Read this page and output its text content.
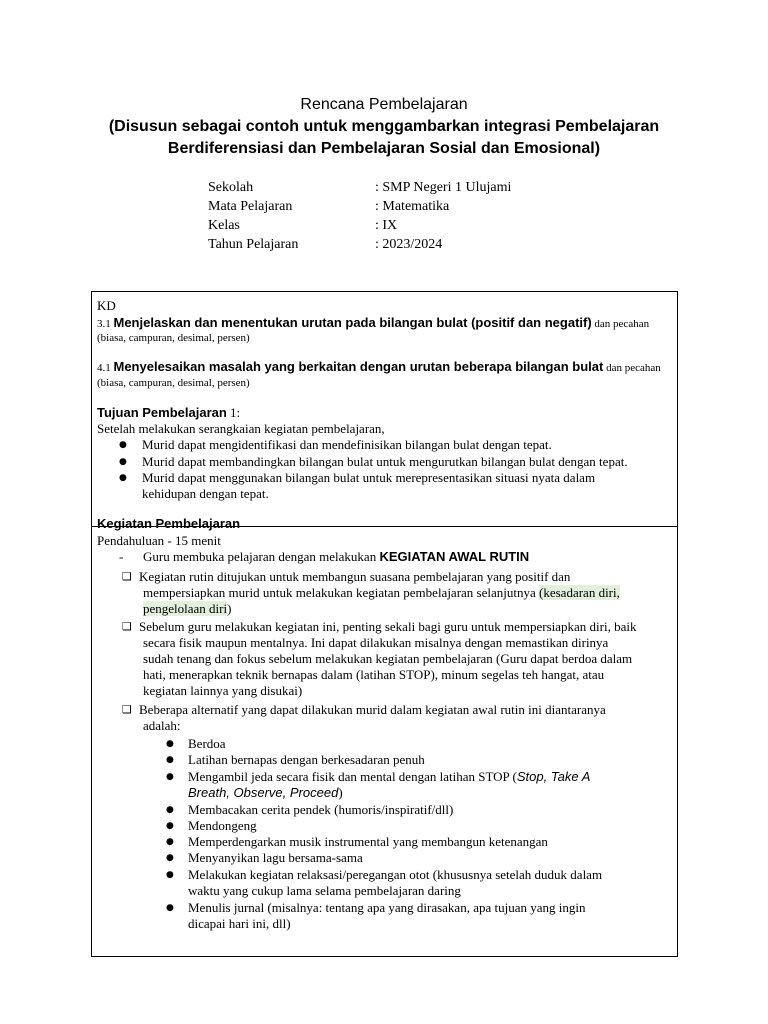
Rencana Pembelajaran
(Disusun sebagai contoh untuk menggambarkan integrasi Pembelajaran
Berdiferensiasi dan Pembelajaran Sosial dan Emosional)
Sekolah	: SMP Negeri 1 Ulujami
Mata Pelajaran	: Matematika
Kelas	: IX
Tahun Pelajaran	: 2023/2024
KD
3.1 Menjelaskan dan menentukan urutan pada bilangan bulat (positif dan negatif) dan pecahan
(biasa, campuran, desimal, persen)
4.1 Menyelesaikan masalah yang berkaitan dengan urutan beberapa bilangan bulat dan pecahan
(biasa, campuran, desimal, persen)
Tujuan Pembelajaran 1:
Setelah melakukan serangkaian kegiatan pembelajaran,
● Murid dapat mengidentifikasi dan mendefinisikan bilangan bulat dengan tepat.
● Murid dapat membandingkan bilangan bulat untuk mengurutkan bilangan bulat dengan tepat.
● Murid dapat menggunakan bilangan bulat untuk merepresentasikan situasi nyata dalam
kehidupan dengan tepat.
Kegiatan Pembelajaran
Pendahuluan - 15 menit
- Guru membuka pelajaran dengan melakukan KEGIATAN AWAL RUTIN
❑ Kegiatan rutin ditujukan untuk membangun suasana pembelajaran yang positif dan
mempersiapkan murid untuk melakukan kegiatan pembelajaran selanjutnya (kesadaran diri,
pengelolaan diri)
❑ Sebelum guru melakukan kegiatan ini, penting sekali bagi guru untuk mempersiapkan diri, baik
secara fisik maupun mentalnya. Ini dapat dilakukan misalnya dengan memastikan dirinya
sudah tenang dan fokus sebelum melakukan kegiatan pembelajaran (Guru dapat berdoa dalam
hati, menerapkan teknik bernapas dalam (latihan STOP), minum segelas teh hangat, atau
kegiatan lainnya yang disukai)
❑ Beberapa alternatif yang dapat dilakukan murid dalam kegiatan awal rutin ini diantaranya
adalah:
● Berdoa
● Latihan bernapas dengan berkesadaran penuh
● Mengambil jeda secara fisik dan mental dengan latihan STOP (Stop, Take A
Breath, Observe, Proceed)
● Membacakan cerita pendek (humoris/inspiratif/dll)
● Mendongeng
● Memperdengarkan musik instrumental yang membangun ketenangan
● Menyanyikan lagu bersama-sama
● Melakukan kegiatan relaksasi/peregangan otot (khususnya setelah duduk dalam
waktu yang cukup lama selama pembelajaran daring
● Menulis jurnal (misalnya: tentang apa yang dirasakan, apa tujuan yang ingin
dicapai hari ini, dll)
